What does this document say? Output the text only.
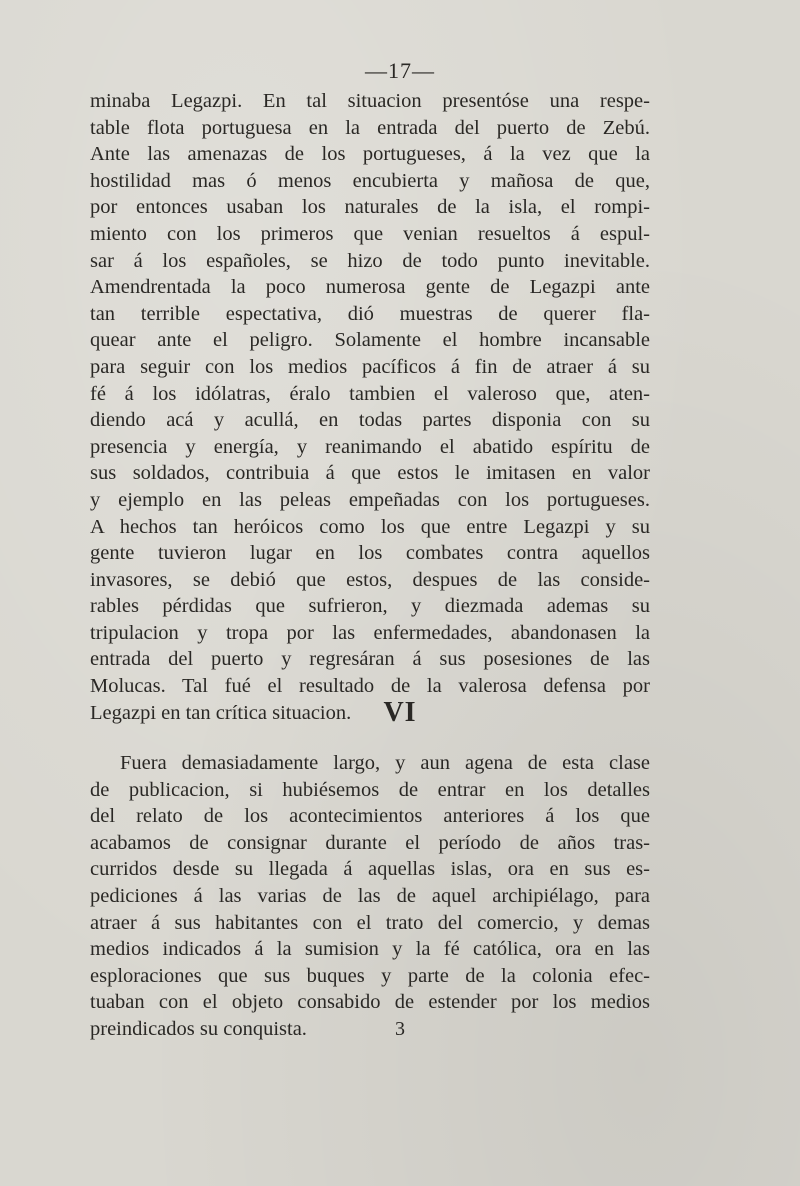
—17—
minaba Legazpi. En tal situacion presentóse una respe-
table flota portuguesa en la entrada del puerto de Zebú.
Ante las amenazas de los portugueses, á la vez que la
hostilidad mas ó menos encubierta y mañosa de que,
por entonces usaban los naturales de la isla, el rompi-
miento con los primeros que venian resueltos á espul-
sar á los españoles, se hizo de todo punto inevitable.
Amendrentada la poco numerosa gente de Legazpi ante
tan terrible espectativa, dió muestras de querer fla-
quear ante el peligro. Solamente el hombre incansable
para seguir con los medios pacíficos á fin de atraer á su
fé á los idólatras, éralo tambien el valeroso que, aten-
diendo acá y acullá, en todas partes disponia con su
presencia y energía, y reanimando el abatido espíritu de
sus soldados, contribuia á que estos le imitasen en valor
y ejemplo en las peleas empeñadas con los portugueses.
A hechos tan heróicos como los que entre Legazpi y su
gente tuvieron lugar en los combates contra aquellos
invasores, se debió que estos, despues de las conside-
rables pérdidas que sufrieron, y diezmada ademas su
tripulacion y tropa por las enfermedades, abandonasen la
entrada del puerto y regresáran á sus posesiones de las
Molucas. Tal fué el resultado de la valerosa defensa por
Legazpi en tan crítica situacion.	VI
Fuera demasiadamente largo, y aun agena de esta clase
de publicacion, si hubiésemos de entrar en los detalles
del relato de los acontecimientos anteriores á los que
acabamos de consignar durante el período de años tras-
curridos desde su llegada á aquellas islas, ora en sus es-
pediciones á las varias de las de aquel archipiélago, para
atraer á sus habitantes con el trato del comercio, y demas
medios indicados á la sumision y la fé católica, ora en las
esploraciones que sus buques y parte de la colonia efec-
tuaban con el objeto consabido de estender por los medios
preindicados su conquista.	3
